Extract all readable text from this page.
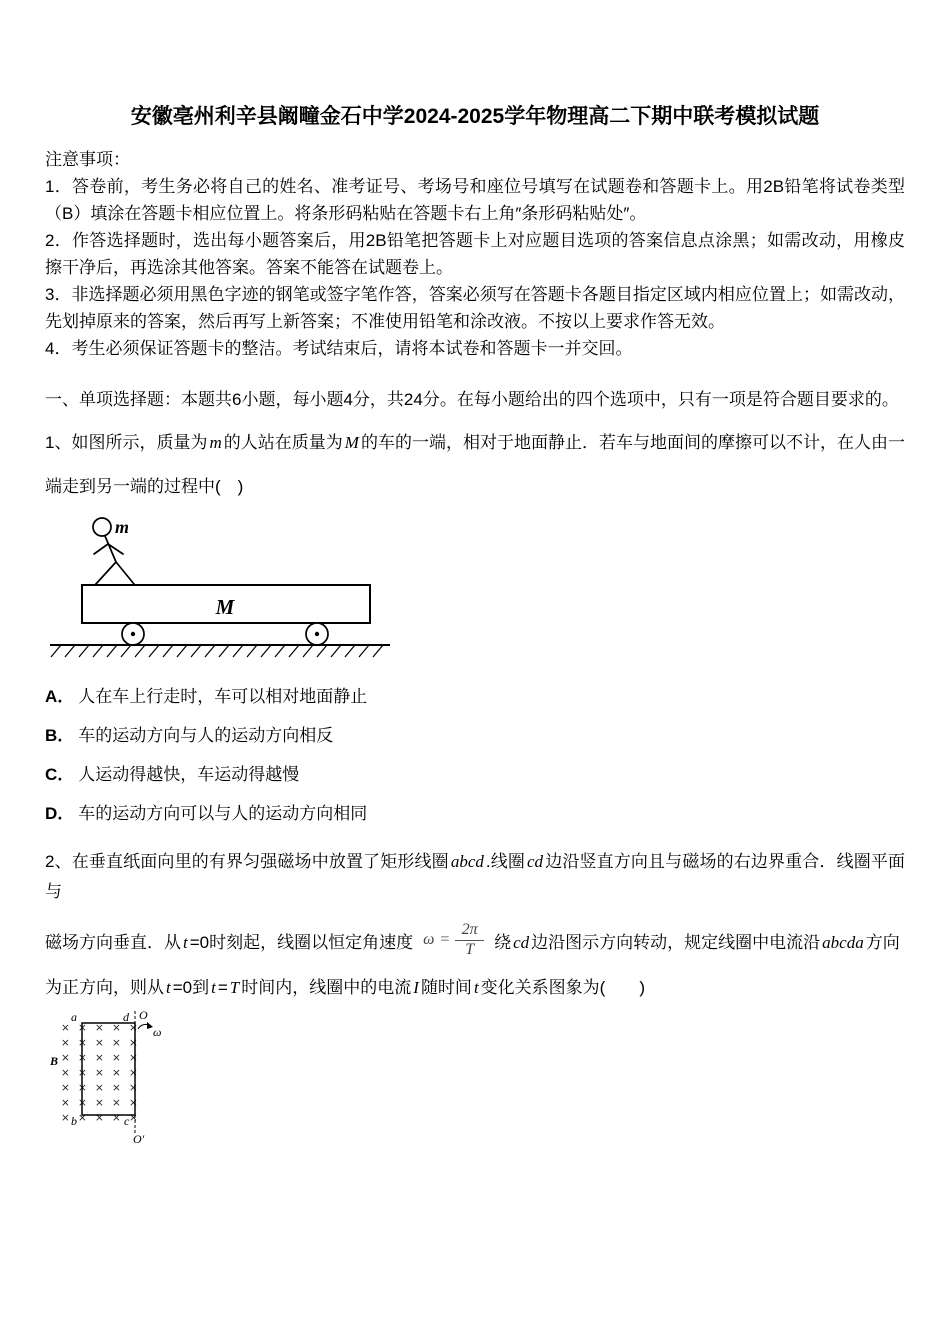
安徽亳州利辛县阚疃金石中学2024-2025学年物理高二下期中联考模拟试题

注意事项：

1．答卷前，考生务必将自己的姓名、准考证号、考场号和座位号填写在试题卷和答题卡上。用2B铅笔将试卷类型（B）填涂在答题卡相应位置上。将条形码粘贴在答题卡右上角″条形码粘贴处″。

2．作答选择题时，选出每小题答案后，用2B铅笔把答题卡上对应题目选项的答案信息点涂黑；如需改动，用橡皮擦干净后，再选涂其他答案。答案不能答在试题卷上。

3．非选择题必须用黑色字迹的钢笔或签字笔作答，答案必须写在答题卡各题目指定区域内相应位置上；如需改动，先划掉原来的答案，然后再写上新答案；不准使用铅笔和涂改液。不按以上要求作答无效。

4．考生必须保证答题卡的整洁。考试结束后，请将本试卷和答题卡一并交回。

一、单项选择题：本题共6小题，每小题4分，共24分。在每小题给出的四个选项中，只有一项是符合题目要求的。

1、如图所示，质量为 m 的人站在质量为 M 的车的一端，相对于地面静止．若车与地面间的摩擦可以不计，在人由一端走到另一端的过程中(　)

m
M

A． 人在车上行走时，车可以相对地面静止

B． 车的运动方向与人的运动方向相反

C． 人运动得越快，车运动得越慢

D． 车的运动方向可以与人的运动方向相同

2、在垂直纸面向里的有界匀强磁场中放置了矩形线圈 abcd .线圈 cd 边沿竖直方向且与磁场的右边界重合．线圈平面与

磁场方向垂直．从 t =0时刻起，线圈以恒定角速度 $\omega = \frac{2\pi}{T}$ 绕 cd 边沿图示方向转动，规定线圈中电流沿 abcda 方向

为正方向，则从 t =0到 t = T 时间内，线圈中的电流 I 随时间 t 变化关系图象为(　　)

×××××
×××××
×××××
×××××
×××××
×××××
×××××
a	d O
ω
B
b	c
O′
